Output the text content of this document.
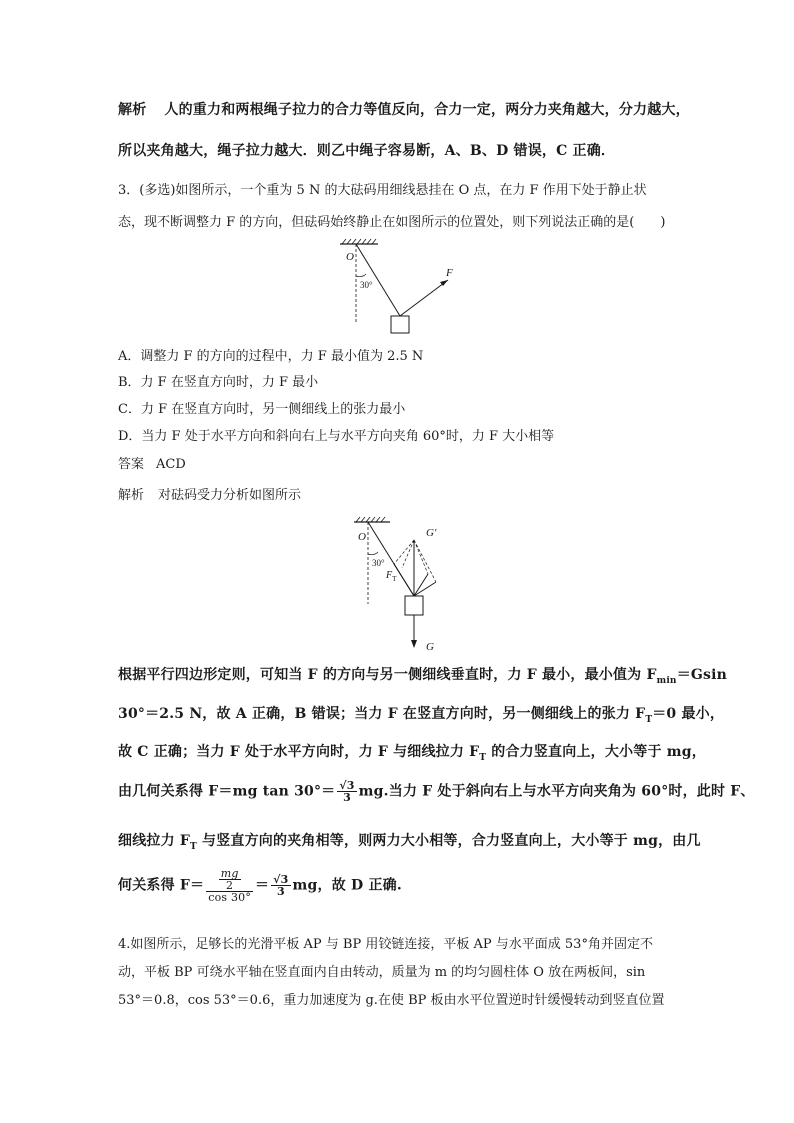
解析 人的重力和两根绳子拉力的合力等值反向，合力一定，两分力夹角越大，分力越大，
所以夹角越大，绳子拉力越大．则乙中绳子容易断，A、B、D 错误，C 正确．
3．(多选)如图所示，一个重为 5 N 的大砝码用细线悬挂在 O 点，在力 F 作用下处于静止状
态，现不断调整力 F 的方向，但砝码始终静止在如图所示的位置处，则下列说法正确的是(　　)
O
F
30°
A．调整力 F 的方向的过程中，力 F 最小值为 2.5 N
B．力 F 在竖直方向时，力 F 最小
C．力 F 在竖直方向时，另一侧细线上的张力最小
D．当力 F 处于水平方向和斜向右上与水平方向夹角 60°时，力 F 大小相等
答案 ACD
解析 对砝码受力分析如图所示
O	G′
30°
$F_T$
G
根据平行四边形定则，可知当 F 的方向与另一侧细线垂直时，力 F 最小，最小值为 $F_{min}=Gsin$
30°＝2.5 N，故 A 正确，B 错误；当力 F 在竖直方向时，另一侧细线上的张力 $F_T=0$ 最小，
故 C 正确；当力 F 处于水平方向时，力 F 与细线拉力 $F_T$ 的合力竖直向上，大小等于 mg，
由几何关系得 F＝mg $\tan 30^\circ= \frac{√3}{3}$ mg.当力 F 处于斜向右上与水平方向夹角为 60°时，此时 F、
细线拉力 $F_T$ 与竖直方向的夹角相等，则两力大小相等，合力竖直向上，大小等于 mg，由几
何关系得 $F= \frac{\frac{mg}{2}}{\cos 30^\circ} = \frac{√3}{3}$ mg，故 D 正确.
4.如图所示，足够长的光滑平板 AP 与 BP 用铰链连接，平板 AP 与水平面成 53°角并固定不
动，平板 BP 可绕水平轴在竖直面内自由转动，质量为 m 的均匀圆柱体 O 放在两板间，sin
53°＝0.8，cos 53°＝0.6，重力加速度为 g.在使 BP 板由水平位置逆时针缓慢转动到竖直位置
